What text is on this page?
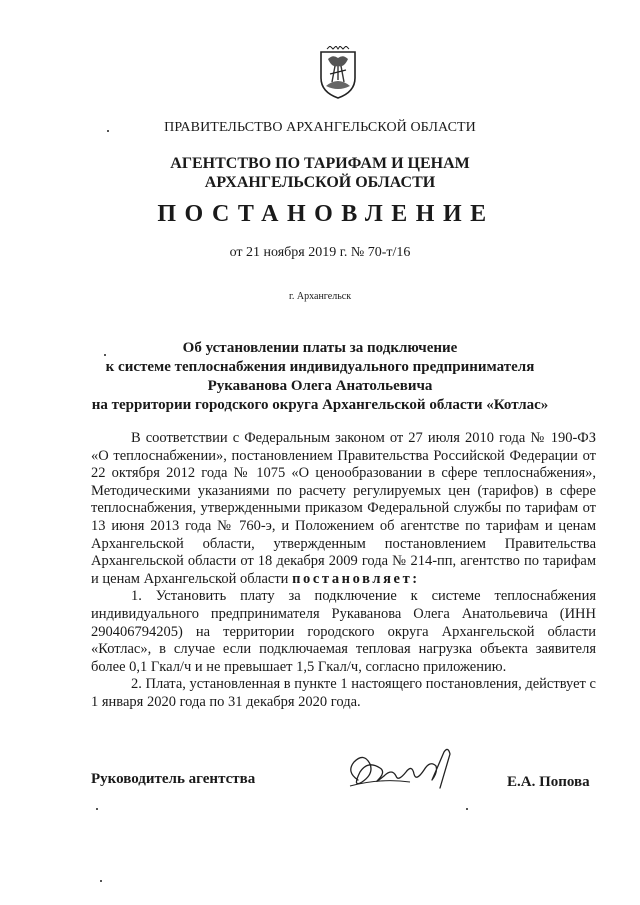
ПРАВИТЕЛЬСТВО АРХАНГЕЛЬСКОЙ ОБЛАСТИ
АГЕНТСТВО ПО ТАРИФАМ И ЦЕНАМ
АРХАНГЕЛЬСКОЙ ОБЛАСТИ
ПОСТАНОВЛЕНИЕ
от 21 ноября 2019 г. № 70-т/16
г. Архангельск
Об установлении платы за подключение
к системе теплоснабжения индивидуального предпринимателя
Рукаванова Олега Анатольевича
на территории городского округа Архангельской области «Котлас»

В соответствии с Федеральным законом от 27 июля 2010 года № 190-ФЗ «О теплоснабжении», постановлением Правительства Российской Федерации от 22 октября 2012 года № 1075 «О ценообразовании в сфере теплоснабжения», Методическими указаниями по расчету регулируемых цен (тарифов) в сфере теплоснабжения, утвержденными приказом Федеральной службы по тарифам от 13 июня 2013 года № 760-э, и Положением об агентстве по тарифам и ценам Архангельской области, утвержденным постановлением Правительства Архангельской области от 18 декабря 2009 года № 214-пп, агентство по тарифам и ценам Архангельской области постановляет:

1. Установить плату за подключение к системе теплоснабжения индивидуального предпринимателя Рукаванова Олега Анатольевича (ИНН 290406794205) на территории городского округа Архангельской области «Котлас», в случае если подключаемая тепловая нагрузка объекта заявителя более 0,1 Гкал/ч и не превышает 1,5 Гкал/ч, согласно приложению.

2. Плата, установленная в пункте 1 настоящего постановления, действует с 1 января 2020 года по 31 декабря 2020 года.

Руководитель агентства	Е.А. Попова
